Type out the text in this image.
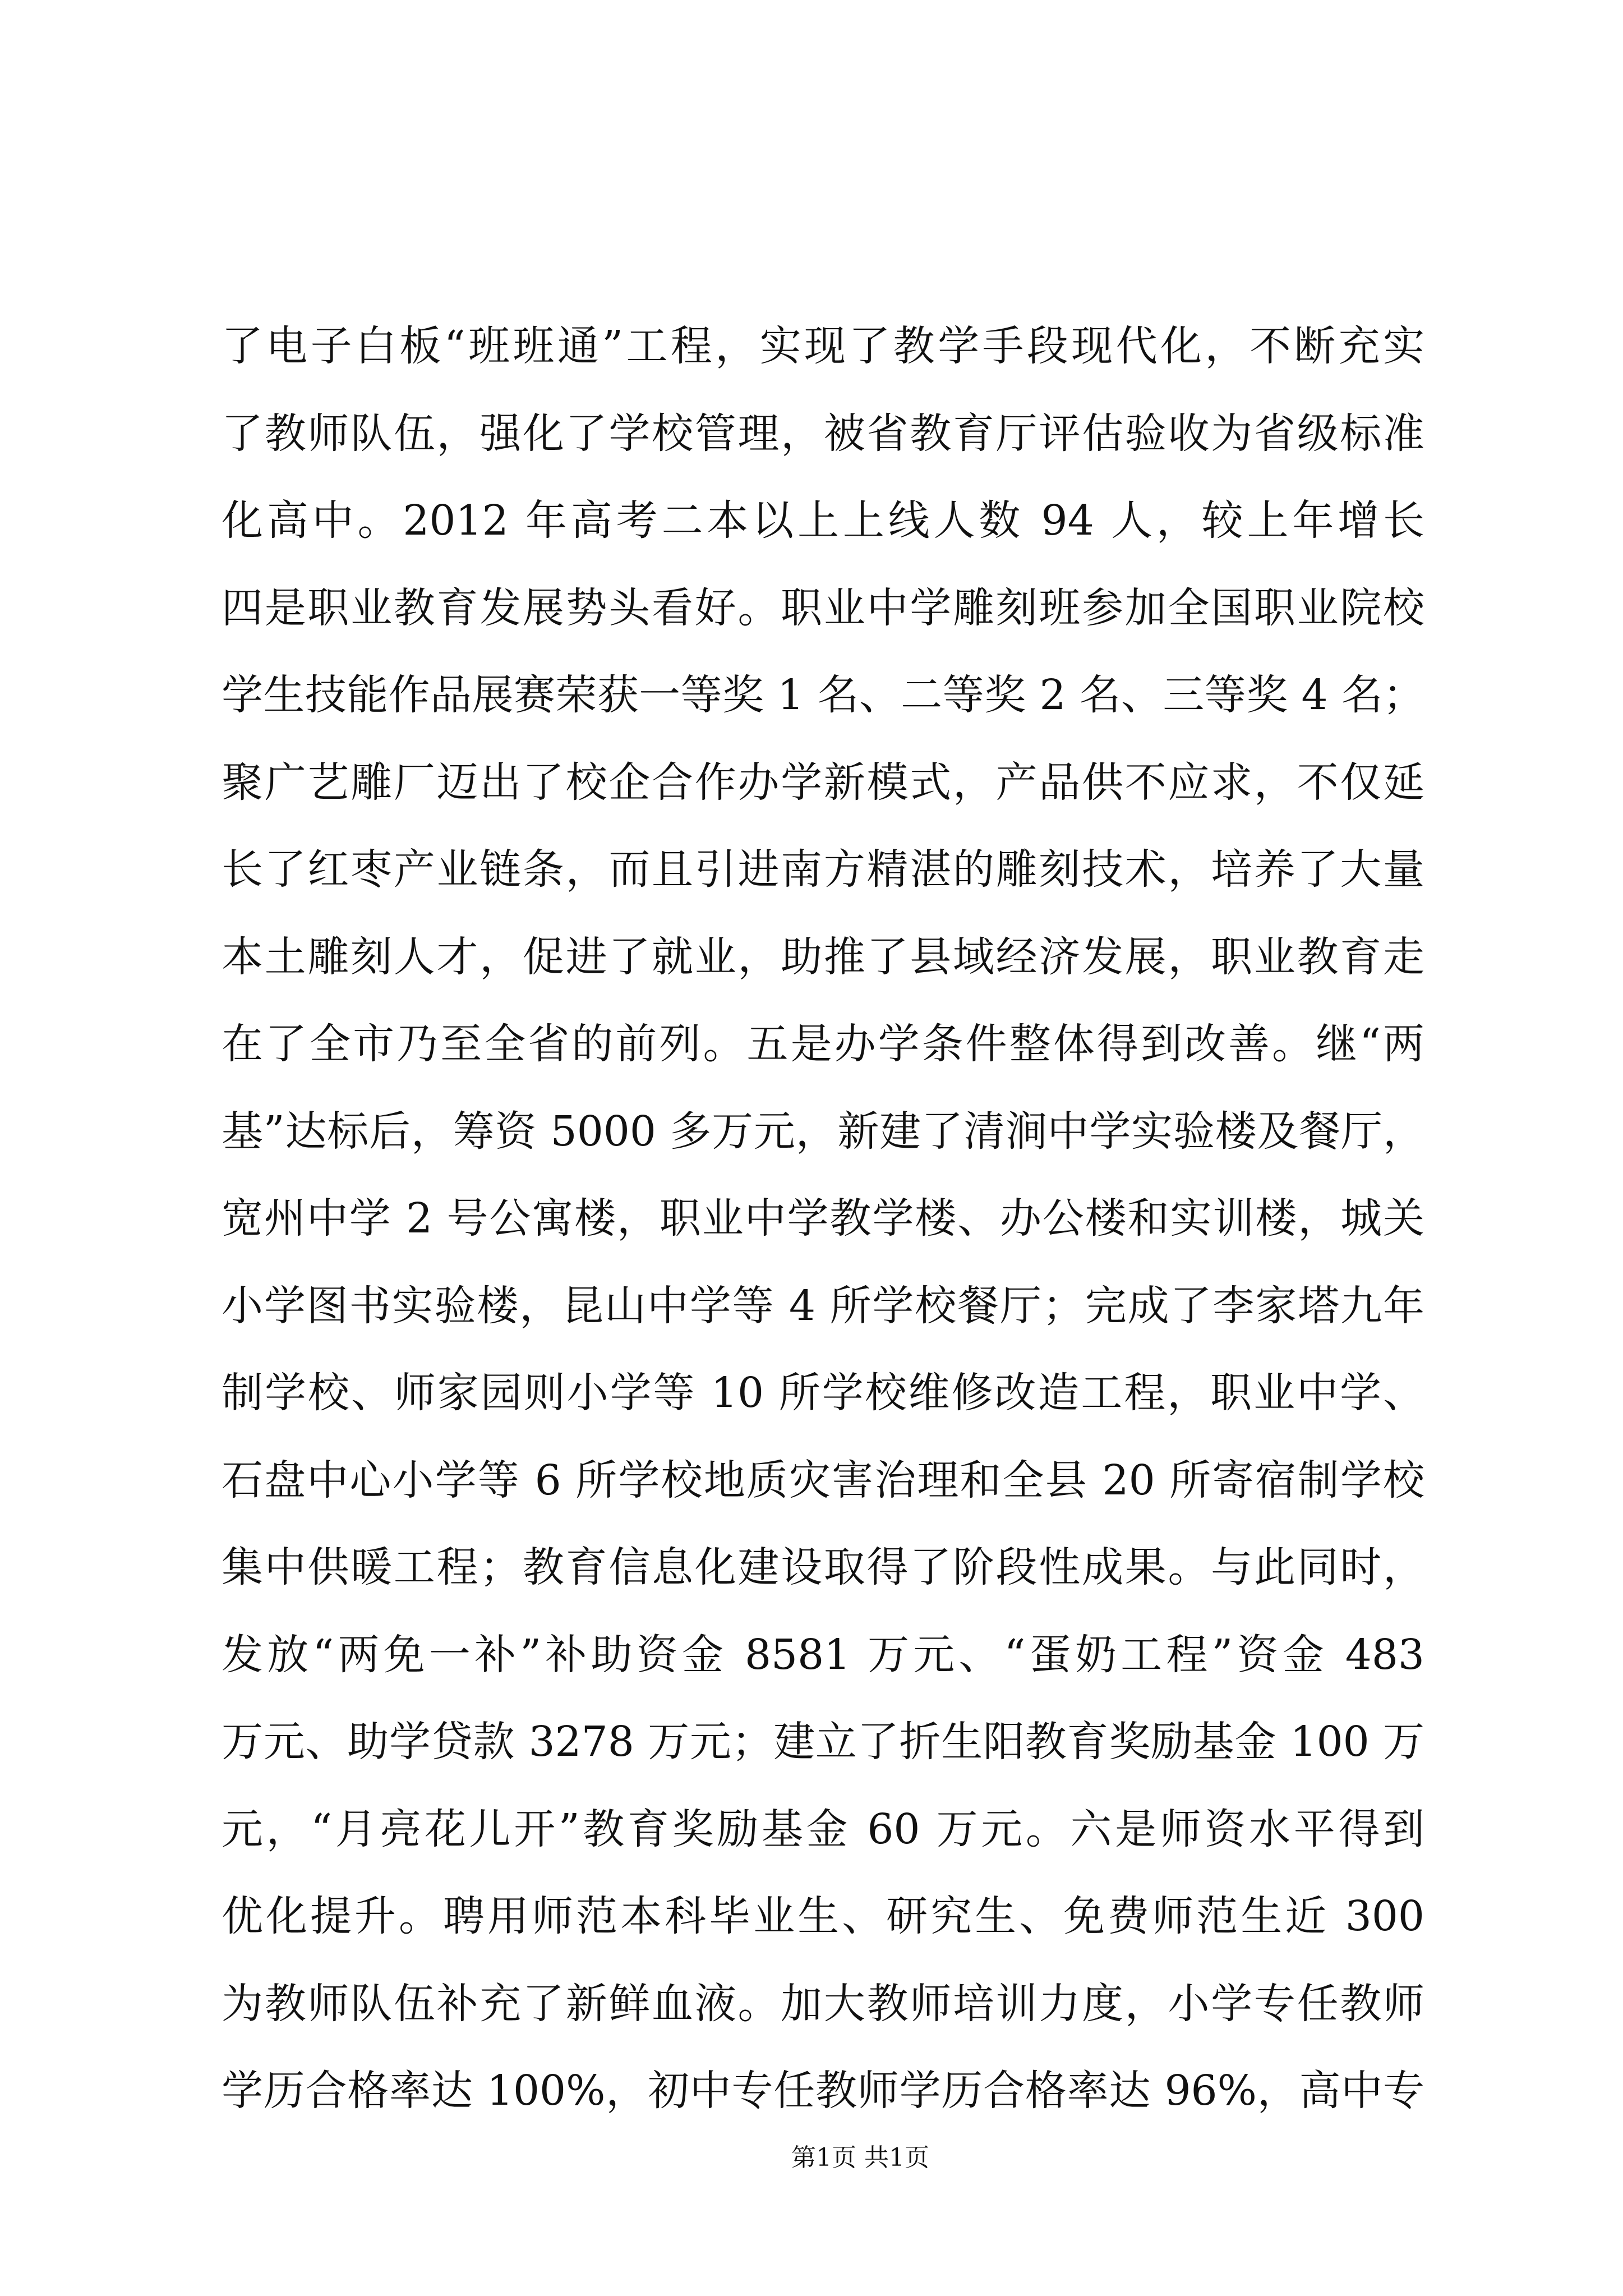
了电子白板“班班通”工程，实现了教学手段现代化，不断充实
了教师队伍，强化了学校管理，被省教育厅评估验收为省级标准
化高中。2012 年高考二本以上上线人数 94 人，较上年增长
四是职业教育发展势头看好。职业中学雕刻班参加全国职业院校
学生技能作品展赛荣获一等奖 1 名、二等奖 2 名、三等奖 4 名；
聚广艺雕厂迈出了校企合作办学新模式，产品供不应求，不仅延
长了红枣产业链条，而且引进南方精湛的雕刻技术，培养了大量
本土雕刻人才，促进了就业，助推了县域经济发展，职业教育走
在了全市乃至全省的前列。五是办学条件整体得到改善。继“两
基”达标后，筹资 5000 多万元，新建了清涧中学实验楼及餐厅，
宽州中学 2 号公寓楼，职业中学教学楼、办公楼和实训楼，城关
小学图书实验楼，昆山中学等 4 所学校餐厅；完成了李家塔九年
制学校、师家园则小学等 10 所学校维修改造工程，职业中学、
石盘中心小学等 6 所学校地质灾害治理和全县 20 所寄宿制学校
集中供暖工程；教育信息化建设取得了阶段性成果。与此同时，
发放“两免一补”补助资金 8581 万元、“蛋奶工程”资金 483
万元、助学贷款 3278 万元；建立了折生阳教育奖励基金 100 万
元，“月亮花儿开”教育奖励基金 60 万元。六是师资水平得到
优化提升。聘用师范本科毕业生、研究生、免费师范生近 300
为教师队伍补充了新鲜血液。加大教师培训力度，小学专任教师
学历合格率达 100%，初中专任教师学历合格率达 96%，高中专
第1页 共1页
